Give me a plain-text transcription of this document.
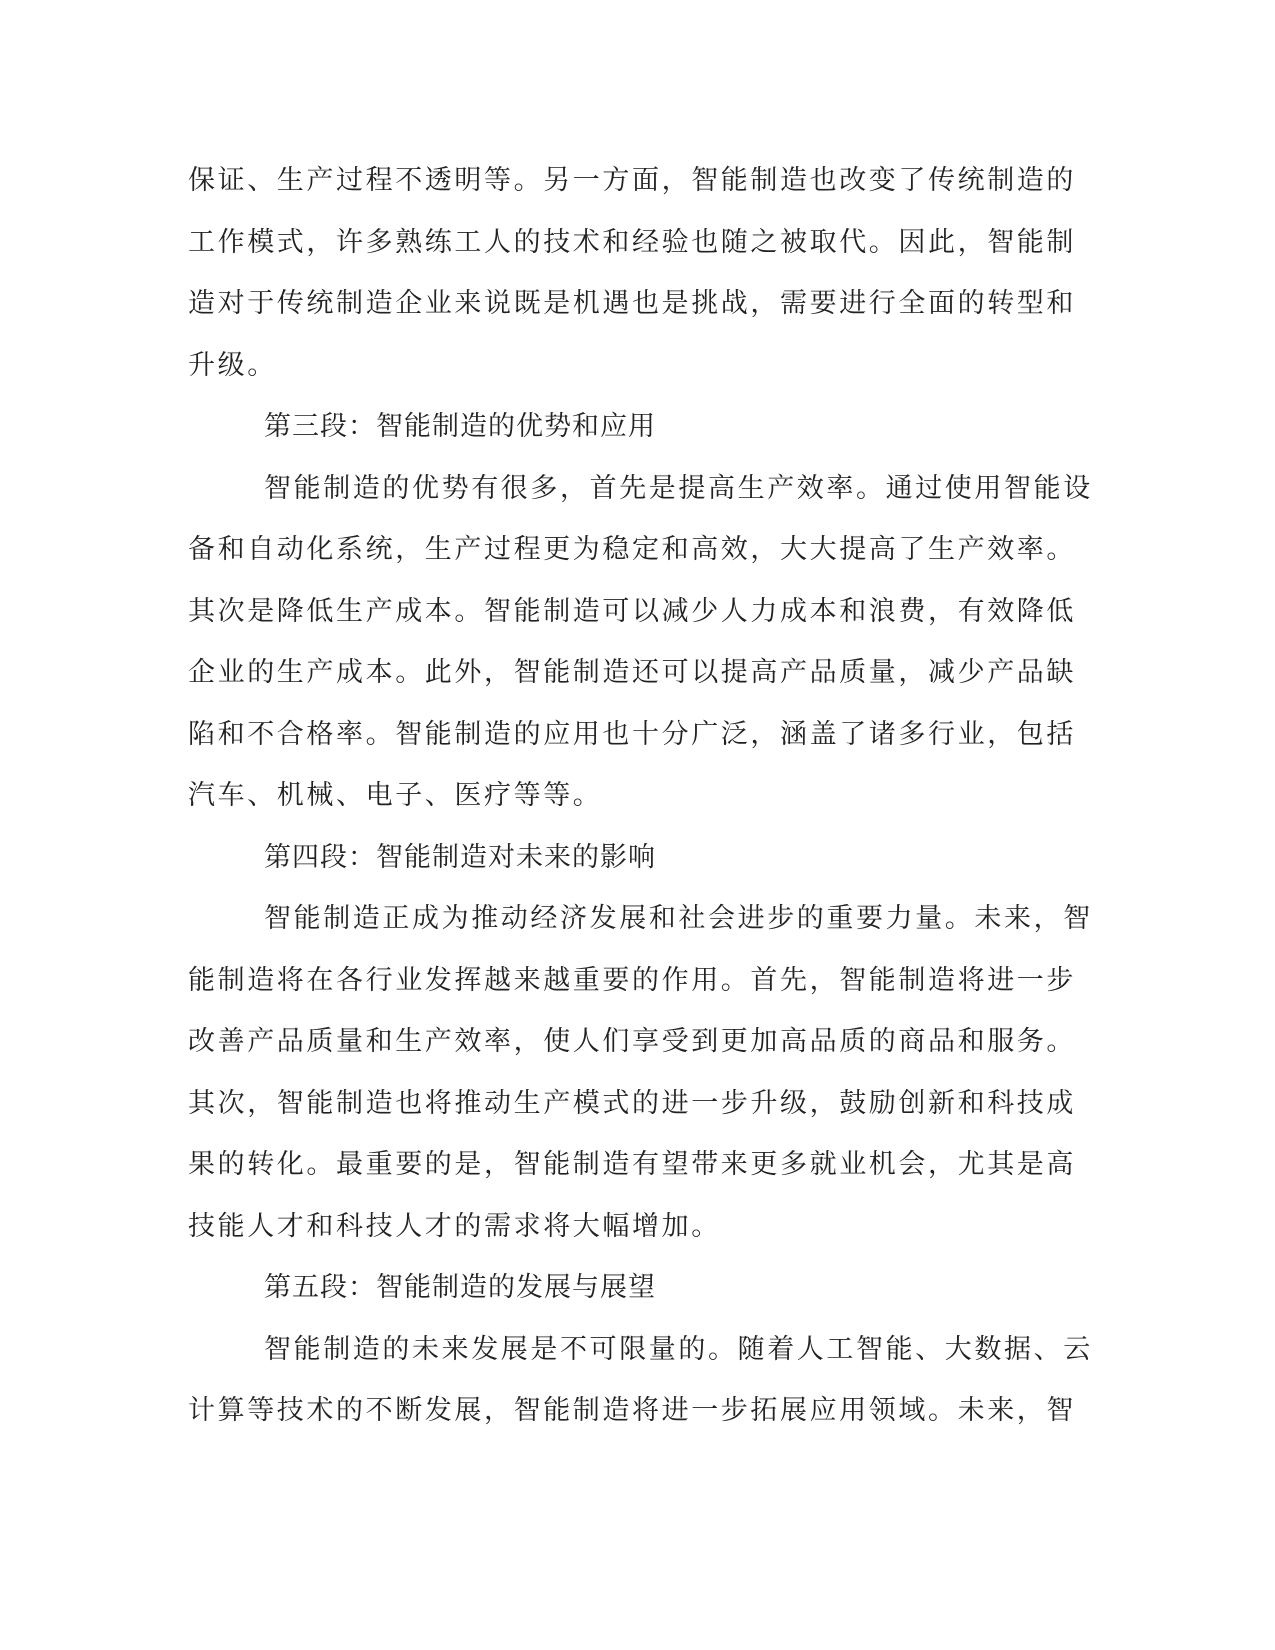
保证、生产过程不透明等。另一方面，智能制造也改变了传统制造的
工作模式，许多熟练工人的技术和经验也随之被取代。因此，智能制
造对于传统制造企业来说既是机遇也是挑战，需要进行全面的转型和
升级。
第三段：智能制造的优势和应用
智能制造的优势有很多，首先是提高生产效率。通过使用智能设
备和自动化系统，生产过程更为稳定和高效，大大提高了生产效率。
其次是降低生产成本。智能制造可以减少人力成本和浪费，有效降低
企业的生产成本。此外，智能制造还可以提高产品质量，减少产品缺
陷和不合格率。智能制造的应用也十分广泛，涵盖了诸多行业，包括
汽车、机械、电子、医疗等等。
第四段：智能制造对未来的影响
智能制造正成为推动经济发展和社会进步的重要力量。未来，智
能制造将在各行业发挥越来越重要的作用。首先，智能制造将进一步
改善产品质量和生产效率，使人们享受到更加高品质的商品和服务。
其次，智能制造也将推动生产模式的进一步升级，鼓励创新和科技成
果的转化。最重要的是，智能制造有望带来更多就业机会，尤其是高
技能人才和科技人才的需求将大幅增加。
第五段：智能制造的发展与展望
智能制造的未来发展是不可限量的。随着人工智能、大数据、云
计算等技术的不断发展，智能制造将进一步拓展应用领域。未来，智
